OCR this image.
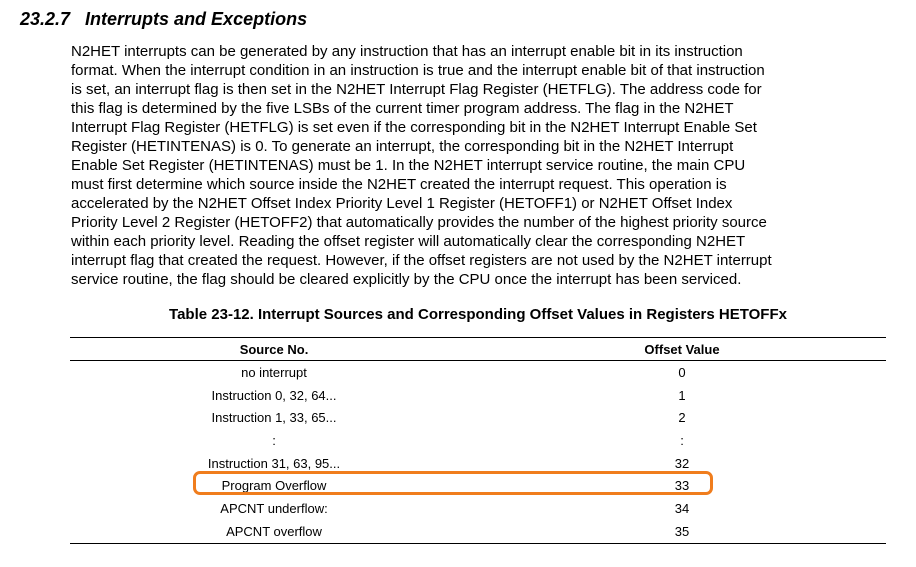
23.2.7 Interrupts and Exceptions
N2HET interrupts can be generated by any instruction that has an interrupt enable bit in its instruction
format. When the interrupt condition in an instruction is true and the interrupt enable bit of that instruction
is set, an interrupt flag is then set in the N2HET Interrupt Flag Register (HETFLG). The address code for
this flag is determined by the five LSBs of the current timer program address. The flag in the N2HET
Interrupt Flag Register (HETFLG) is set even if the corresponding bit in the N2HET Interrupt Enable Set
Register (HETINTENAS) is 0. To generate an interrupt, the corresponding bit in the N2HET Interrupt
Enable Set Register (HETINTENAS) must be 1. In the N2HET interrupt service routine, the main CPU
must first determine which source inside the N2HET created the interrupt request. This operation is
accelerated by the N2HET Offset Index Priority Level 1 Register (HETOFF1) or N2HET Offset Index
Priority Level 2 Register (HETOFF2) that automatically provides the number of the highest priority source
within each priority level. Reading the offset register will automatically clear the corresponding N2HET
interrupt flag that created the request. However, if the offset registers are not used by the N2HET interrupt
service routine, the flag should be cleared explicitly by the CPU once the interrupt has been serviced.
Table 23-12. Interrupt Sources and Corresponding Offset Values in Registers HETOFFx
Source No.	Offset Value
no interrupt	0
Instruction 0, 32, 64...	1
Instruction 1, 33, 65...	2
:	:
Instruction 31, 63, 95...	32
Program Overflow	33
APCNT underflow:	34
APCNT overflow	35
